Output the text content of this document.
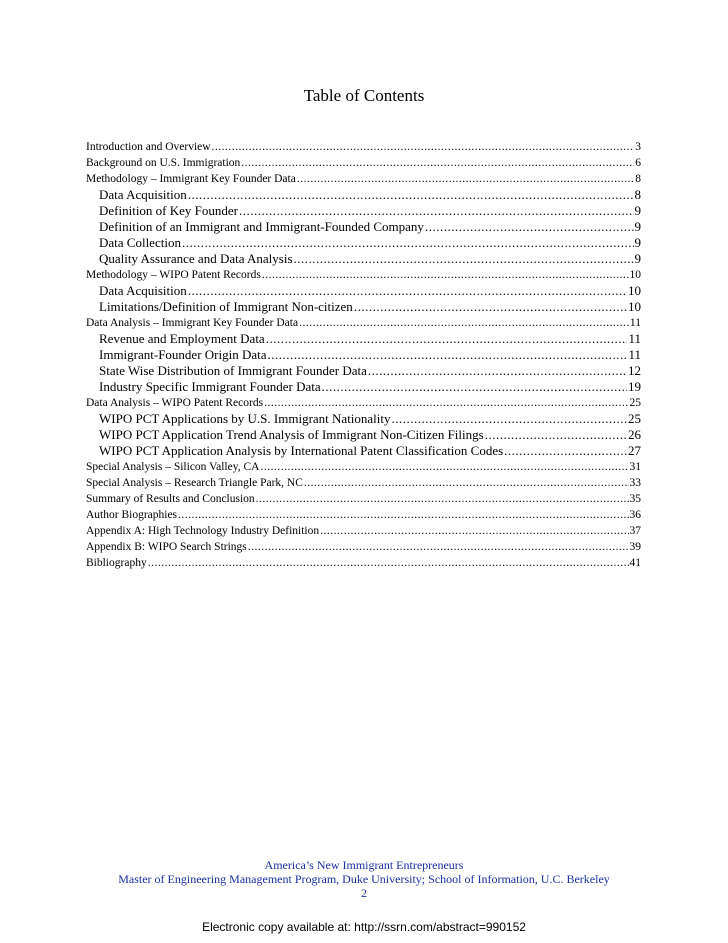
Table of Contents
Introduction and Overview .....	3
Background on U.S. Immigration .....	6
Methodology – Immigrant Key Founder Data .....	8
Data Acquisition .....	8
Definition of Key Founder .....	9
Definition of an Immigrant and Immigrant-Founded Company .....	9
Data Collection .....	9
Quality Assurance and Data Analysis .....	9
Methodology – WIPO Patent Records .....	10
Data Acquisition .....	10
Limitations/Definition of Immigrant Non-citizen .....	10
Data Analysis – Immigrant Key Founder Data .....	11
Revenue and Employment Data .....	11
Immigrant-Founder Origin Data .....	11
State Wise Distribution of Immigrant Founder Data .....	12
Industry Specific Immigrant Founder Data .....	19
Data Analysis – WIPO Patent Records .....	25
WIPO PCT Applications by U.S. Immigrant Nationality .....	25
WIPO PCT Application Trend Analysis of Immigrant Non-Citizen Filings .....	26
WIPO PCT Application Analysis by International Patent Classification Codes .....	27
Special Analysis – Silicon Valley, CA .....	31
Special Analysis – Research Triangle Park, NC .....	33
Summary of Results and Conclusion .....	35
Author Biographies .....	36
Appendix A: High Technology Industry Definition .....	37
Appendix B: WIPO Search Strings .....	39
Bibliography .....	41
America’s New Immigrant Entrepreneurs
Master of Engineering Management Program, Duke University; School of Information, U.C. Berkeley
2
Electronic copy available at: http://ssrn.com/abstract=990152
